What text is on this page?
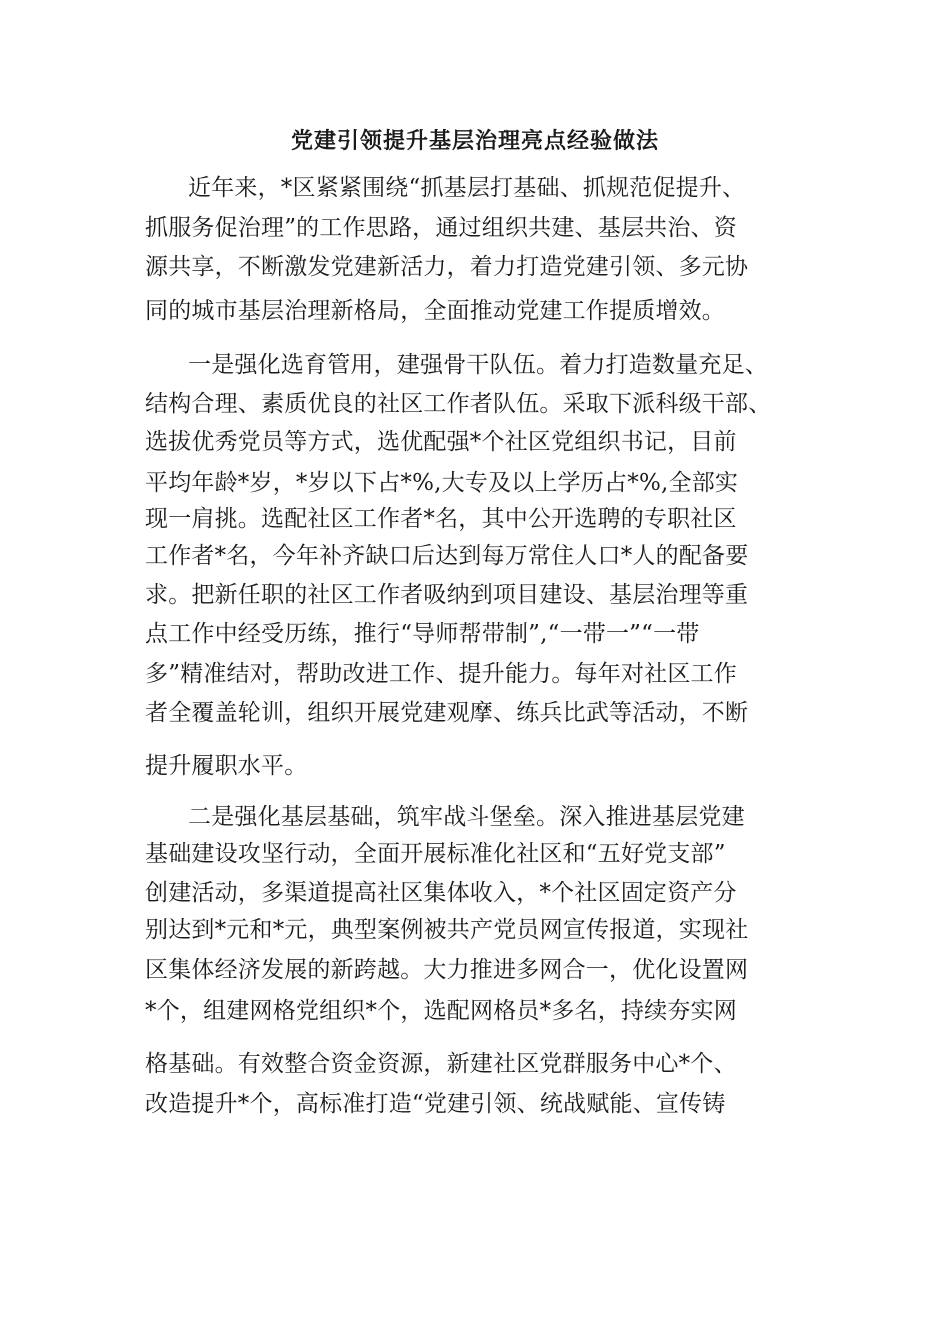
党建引领提升基层治理亮点经验做法
近年来，*区紧紧围绕“抓基层打基础、抓规范促提升、
抓服务促治理”的工作思路，通过组织共建、基层共治、资
源共享，不断激发党建新活力，着力打造党建引领、多元协
同的城市基层治理新格局，全面推动党建工作提质增效。
一是强化选育管用，建强骨干队伍。着力打造数量充足、
结构合理、素质优良的社区工作者队伍。采取下派科级干部、
选拔优秀党员等方式，选优配强*个社区党组织书记，目前
平均年龄*岁，*岁以下占*%,大专及以上学历占*%,全部实
现一肩挑。选配社区工作者*名，其中公开选聘的专职社区
工作者*名，今年补齐缺口后达到每万常住人口*人的配备要
求。把新任职的社区工作者吸纳到项目建设、基层治理等重
点工作中经受历练，推行“导师帮带制”,“一带一”“一带
多”精准结对，帮助改进工作、提升能力。每年对社区工作
者全覆盖轮训，组织开展党建观摩、练兵比武等活动，不断
提升履职水平。
二是强化基层基础，筑牢战斗堡垒。深入推进基层党建
基础建设攻坚行动，全面开展标准化社区和“五好党支部”
创建活动，多渠道提高社区集体收入，*个社区固定资产分
别达到*元和*元，典型案例被共产党员网宣传报道，实现社
区集体经济发展的新跨越。大力推进多网合一，优化设置网
*个，组建网格党组织*个，选配网格员*多名，持续夯实网
格基础。有效整合资金资源，新建社区党群服务中心*个、
改造提升*个，高标准打造“党建引领、统战赋能、宣传铸
